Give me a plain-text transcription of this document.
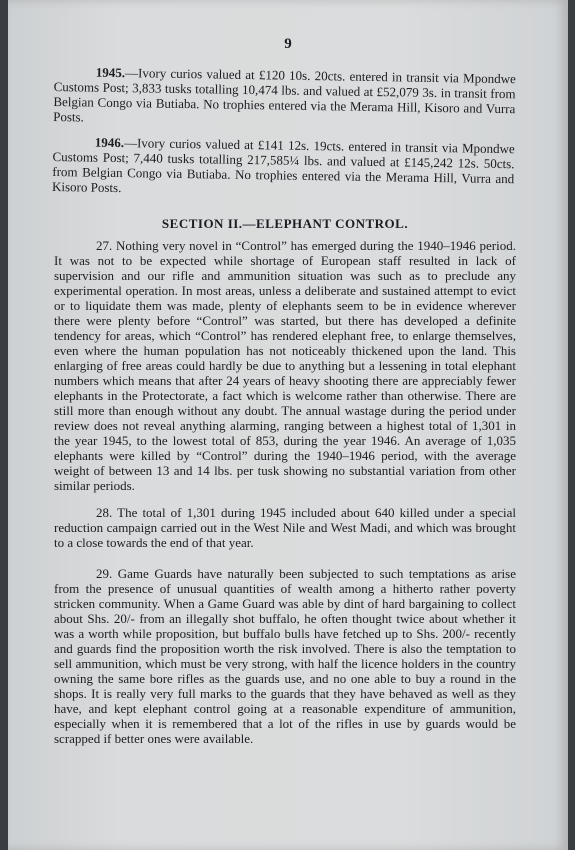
9

1945.—Ivory curios valued at £120 10s. 20cts. entered in transit via Mpondwe Customs Post; 3,833 tusks totalling 10,474 lbs. and valued at £52,079 3s. in transit from Belgian Congo via Butiaba. No trophies entered via the Merama Hill, Kisoro and Vurra Posts.

1946.—Ivory curios valued at £141 12s. 19cts. entered in transit via Mpondwe Customs Post; 7,440 tusks totalling 217,585¼ lbs. and valued at £145,242 12s. 50cts. from Belgian Congo via Butiaba. No trophies entered via the Merama Hill, Vurra and Kisoro Posts.

SECTION II.—ELEPHANT CONTROL.

27. Nothing very novel in “Control” has emerged during the 1940–1946 period. It was not to be expected while shortage of European staff resulted in lack of supervision and our rifle and ammunition situation was such as to preclude any experimental operation. In most areas, unless a deliberate and sustained attempt to evict or to liquidate them was made, plenty of elephants seem to be in evidence wherever there were plenty before “Control” was started, but there has developed a definite tendency for areas, which “Control” has rendered elephant free, to enlarge themselves, even where the human population has not noticeably thickened upon the land. This enlarging of free areas could hardly be due to anything but a lessening in total elephant numbers which means that after 24 years of heavy shooting there are appreciably fewer elephants in the Protectorate, a fact which is welcome rather than otherwise. There are still more than enough without any doubt. The annual wastage during the period under review does not reveal anything alarming, ranging between a highest total of 1,301 in the year 1945, to the lowest total of 853, during the year 1946. An average of 1,035 elephants were killed by “Control” during the 1940–1946 period, with the average weight of between 13 and 14 lbs. per tusk showing no substantial variation from other similar periods.

28. The total of 1,301 during 1945 included about 640 killed under a special reduction campaign carried out in the West Nile and West Madi, and which was brought to a close towards the end of that year.

29. Game Guards have naturally been subjected to such temptations as arise from the presence of unusual quantities of wealth among a hitherto rather poverty stricken community. When a Game Guard was able by dint of hard bargaining to collect about Shs. 20/- from an illegally shot buffalo, he often thought twice about whether it was a worth while proposition, but buffalo bulls have fetched up to Shs. 200/- recently and guards find the proposition worth the risk involved. There is also the temptation to sell ammunition, which must be very strong, with half the licence holders in the country owning the same bore rifles as the guards use, and no one able to buy a round in the shops. It is really very full marks to the guards that they have behaved as well as they have, and kept elephant control going at a reasonable expenditure of ammunition, especially when it is remembered that a lot of the rifles in use by guards would be scrapped if better ones were available.
